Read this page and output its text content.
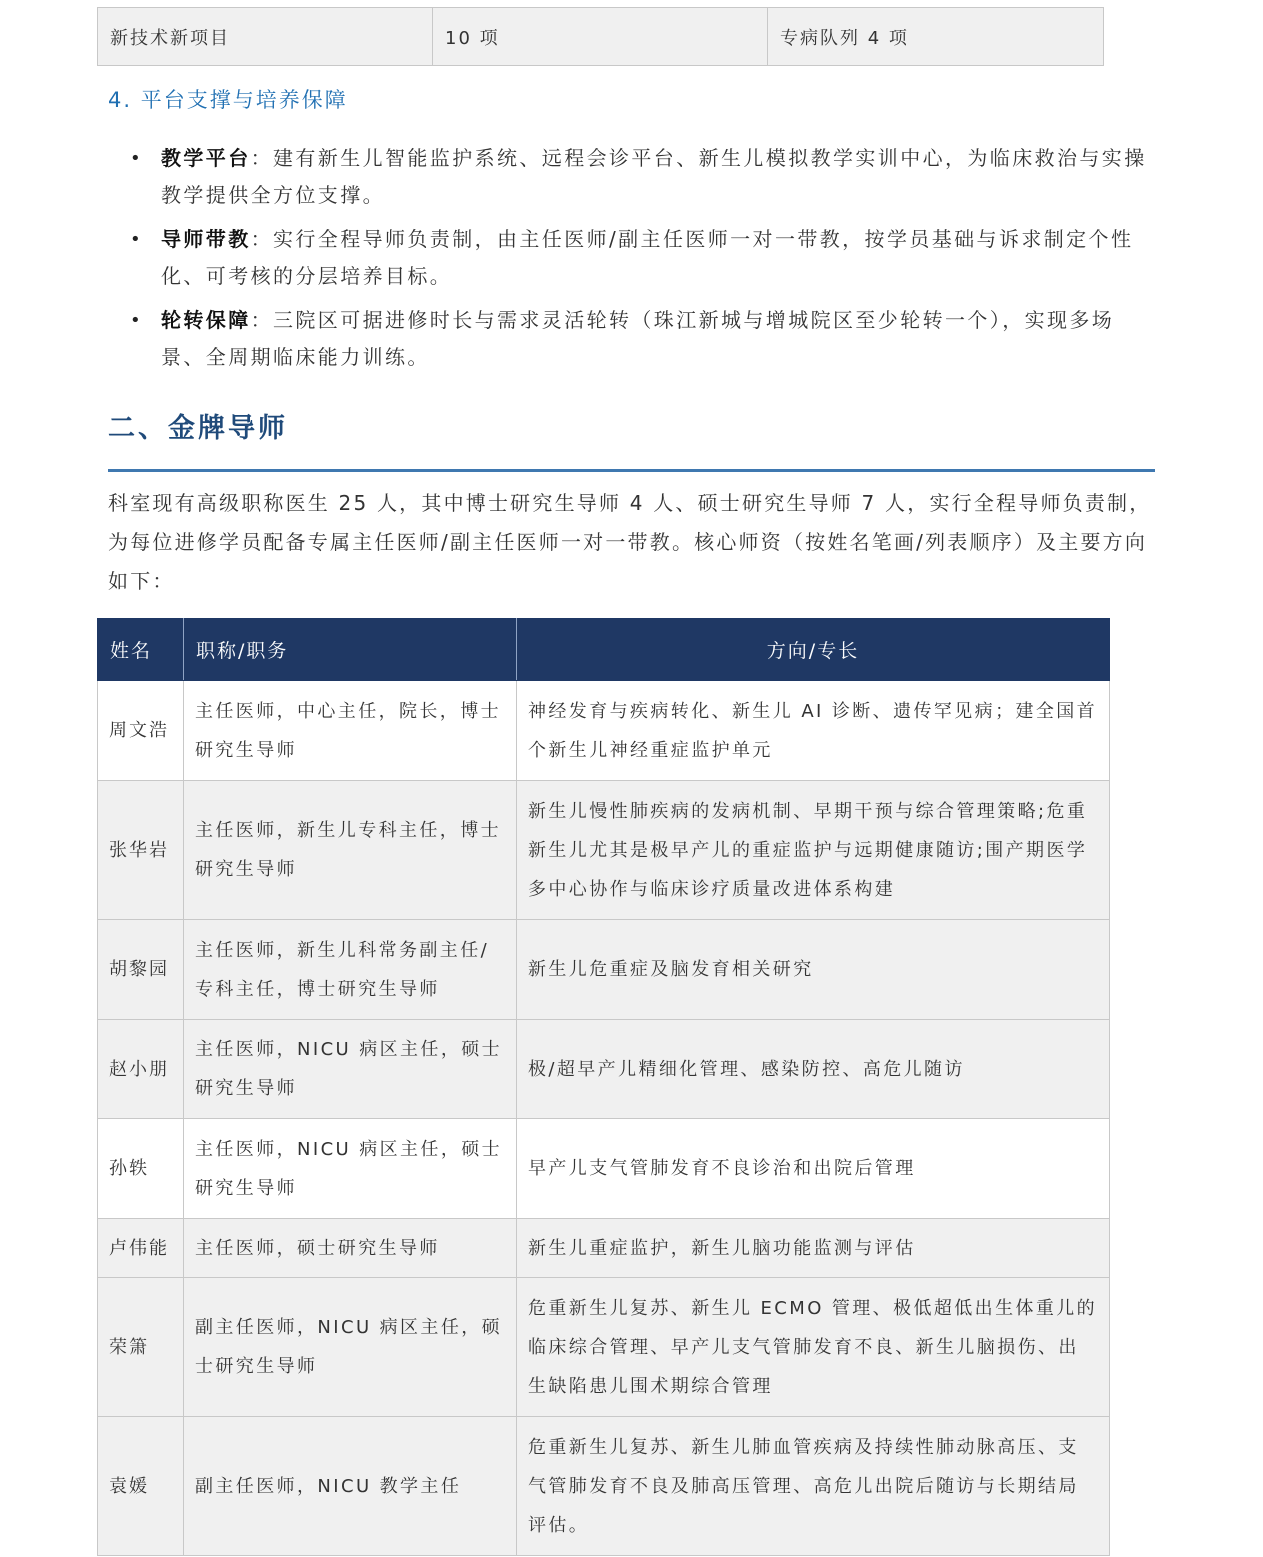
新技术新项目	10 项	专病队列 4 项
4. 平台支撑与培养保障
• 教学平台：建有新生儿智能监护系统、远程会诊平台、新生儿模拟教学实训中心，为临床救治与实操教学提供全方位支撑。
• 导师带教：实行全程导师负责制，由主任医师/副主任医师一对一带教，按学员基础与诉求制定个性化、可考核的分层培养目标。
• 轮转保障：三院区可据进修时长与需求灵活轮转（珠江新城与增城院区至少轮转一个），实现多场景、全周期临床能力训练。
二、金牌导师

科室现有高级职称医生 25 人，其中博士研究生导师 4 人、硕士研究生导师 7 人，实行全程导师负责制，为每位进修学员配备专属主任医师/副主任医师一对一带教。核心师资（按姓名笔画/列表顺序）及主要方向如下：

姓名	职称/职务	方向/专长
周文浩	主任医师，中心主任，院长，博士研究生导师	神经发育与疾病转化、新生儿 AI 诊断、遗传罕见病；建全国首个新生儿神经重症监护单元
张华岩	主任医师，新生儿专科主任，博士研究生导师	新生儿慢性肺疾病的发病机制、早期干预与综合管理策略;危重新生儿尤其是极早产儿的重症监护与远期健康随访;围产期医学多中心协作与临床诊疗质量改进体系构建
胡黎园	主任医师，新生儿科常务副主任/专科主任，博士研究生导师	新生儿危重症及脑发育相关研究
赵小朋	主任医师，NICU 病区主任，硕士研究生导师	极/超早产儿精细化管理、感染防控、高危儿随访
孙轶	主任医师，NICU 病区主任，硕士研究生导师	早产儿支气管肺发育不良诊治和出院后管理
卢伟能	主任医师，硕士研究生导师	新生儿重症监护，新生儿脑功能监测与评估
荣箫	副主任医师，NICU 病区主任，硕士研究生导师	危重新生儿复苏、新生儿 ECMO 管理、极低超低出生体重儿的临床综合管理、早产儿支气管肺发育不良、新生儿脑损伤、出生缺陷患儿围术期综合管理
袁媛	副主任医师，NICU 教学主任	危重新生儿复苏、新生儿肺血管疾病及持续性肺动脉高压、支气管肺发育不良及肺高压管理、高危儿出院后随访与长期结局评估。
